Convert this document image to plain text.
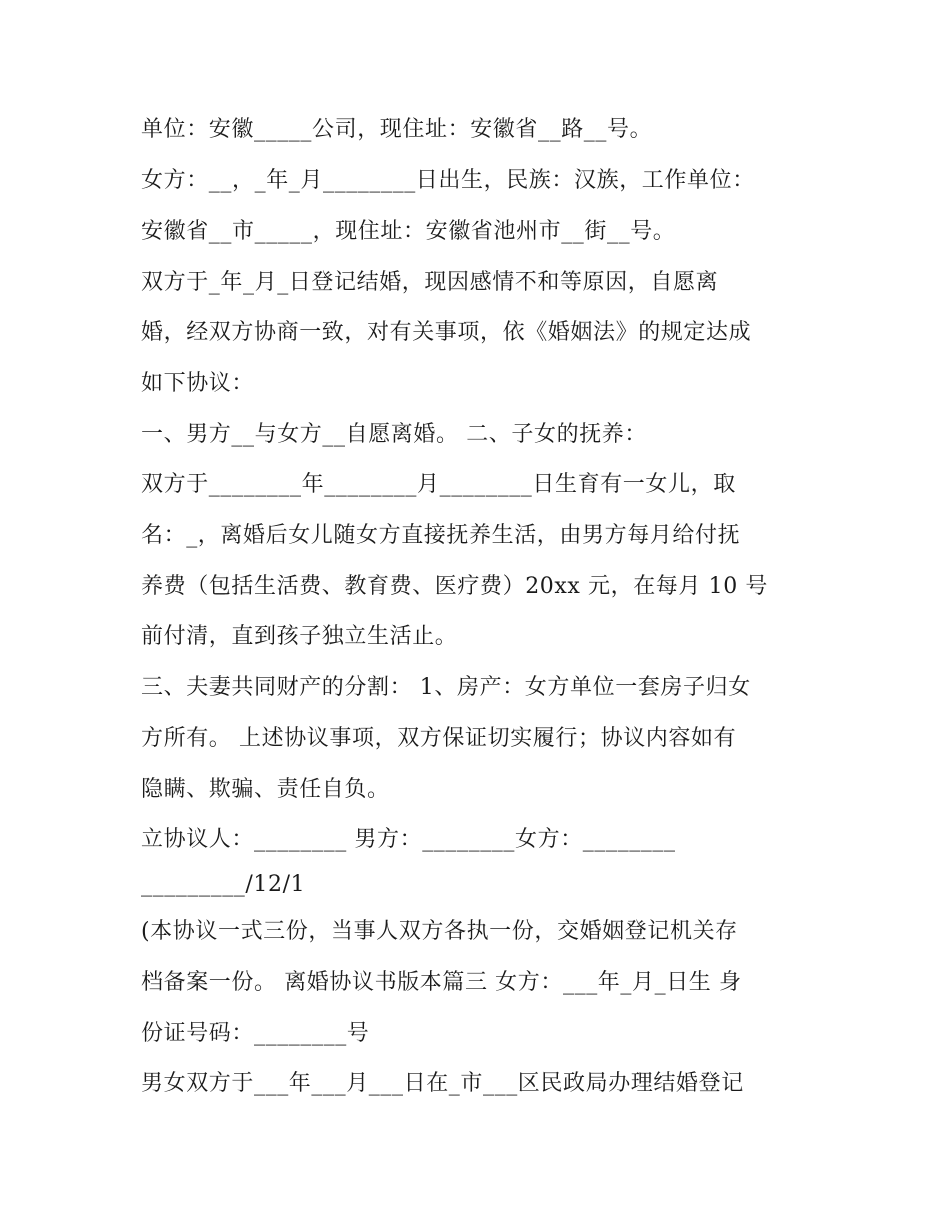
单位：安徽_____公司，现住址：安徽省__路__号。

女方：__，_年_月________日出生，民族：汉族，工作单位：

安徽省__市_____，现住址：安徽省池州市__街__号。

双方于_年_月_日登记结婚，现因感情不和等原因，自愿离

婚，经双方协商一致，对有关事项，依《婚姻法》的规定达成

如下协议：

一、男方__与女方__自愿离婚。 二、子女的抚养：

双方于________年________月________日生育有一女儿，取

名：_，离婚后女儿随女方直接抚养生活，由男方每月给付抚

养费（包括生活费、教育费、医疗费）20xx 元，在每月 10 号

前付清，直到孩子独立生活止。

三、夫妻共同财产的分割： 1、房产：女方单位一套房子归女

方所有。 上述协议事项，双方保证切实履行；协议内容如有

隐瞒、欺骗、责任自负。

立协议人：________ 男方：________女方：________

_________/12/1

(本协议一式三份，当事人双方各执一份，交婚姻登记机关存

档备案一份。 离婚协议书版本篇三 女方：___年_月_日生 身

份证号码：________号

男女双方于___年___月___日在_市___区民政局办理结婚登记
